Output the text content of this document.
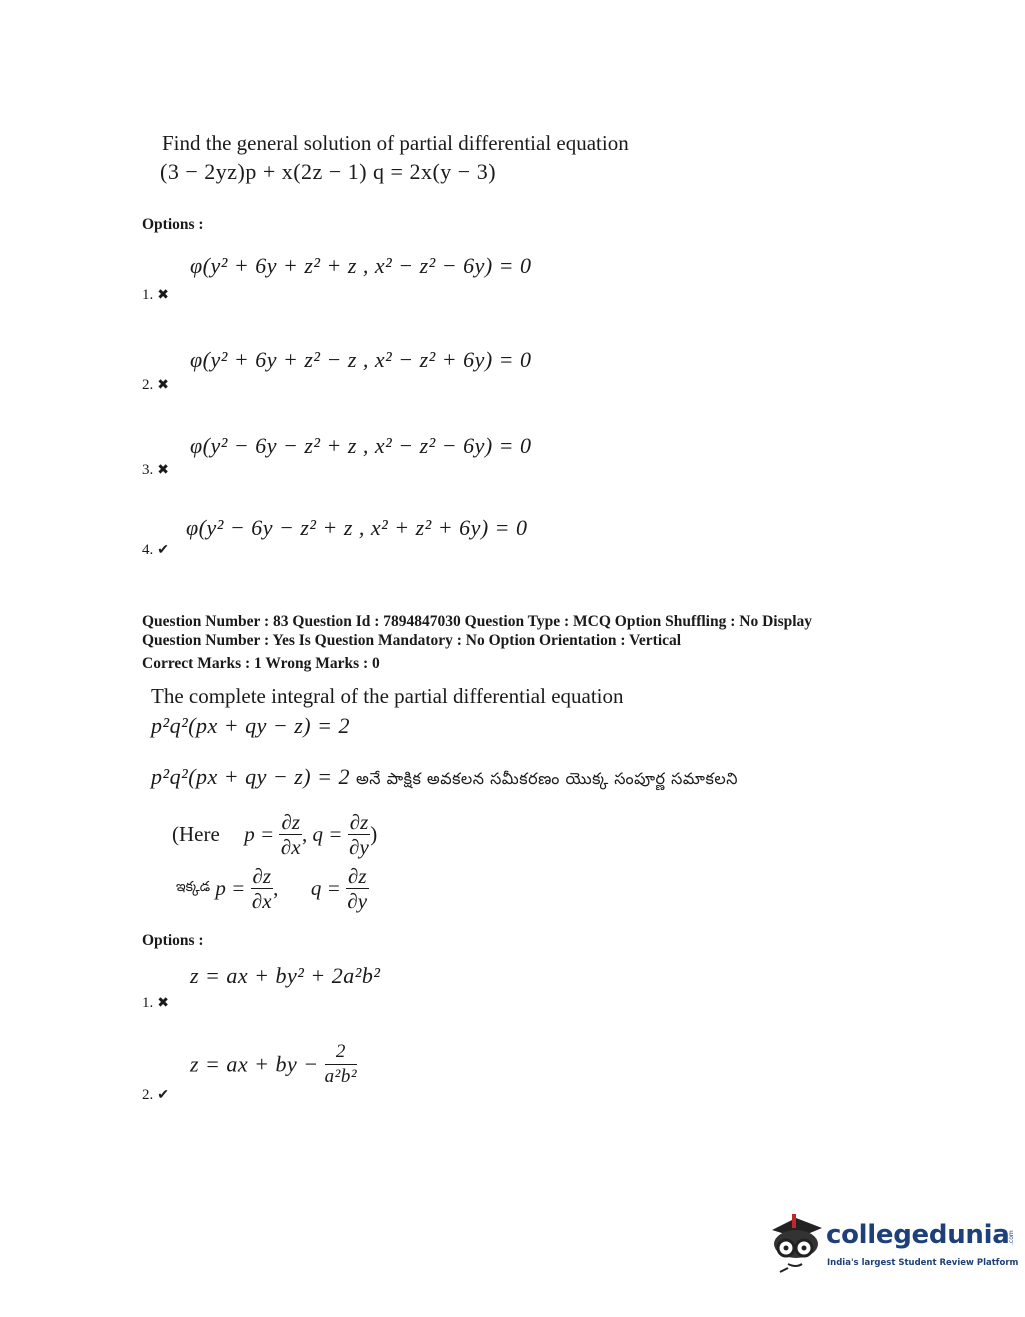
Find the general solution of partial differential equation
(3 − 2yz)p + x(2z − 1) q = 2x(y − 3)
Options :
φ(y² + 6y + z² + z , x² − z² − 6y) = 0
1. ✖
φ(y² + 6y + z² − z , x² − z² + 6y) = 0
2. ✖
φ(y² − 6y − z² + z , x² − z² − 6y) = 0
3. ✖
φ(y² − 6y − z² + z , x² + z² + 6y) = 0
4. ✔
Question Number : 83 Question Id : 7894847030 Question Type : MCQ Option Shuffling : No Display
Question Number : Yes Is Question Mandatory : No Option Orientation : Vertical
Correct Marks : 1 Wrong Marks : 0
The complete integral of the partial differential equation
p²q²(px + qy − z) = 2
p²q²(px + qy − z) = 2 అనే పాక్షిక అవకలన సమీకరణం యొక్క సంపూర్ణ సమాకలని
(Here $p = \frac{\partial z}{\partial x}$ , $q = \frac{\partial z}{\partial y}$ )
ఇక్కడ $p = \frac{\partial z}{\partial x}$ , $q = \frac{\partial z}{\partial y}$
Options :
z = ax + by² + 2a²b²
1. ✖
z = ax + by − $\frac{2}{\text{a²b²}}$
2. ✔
collegedunia.com
India's largest Student Review Platform
